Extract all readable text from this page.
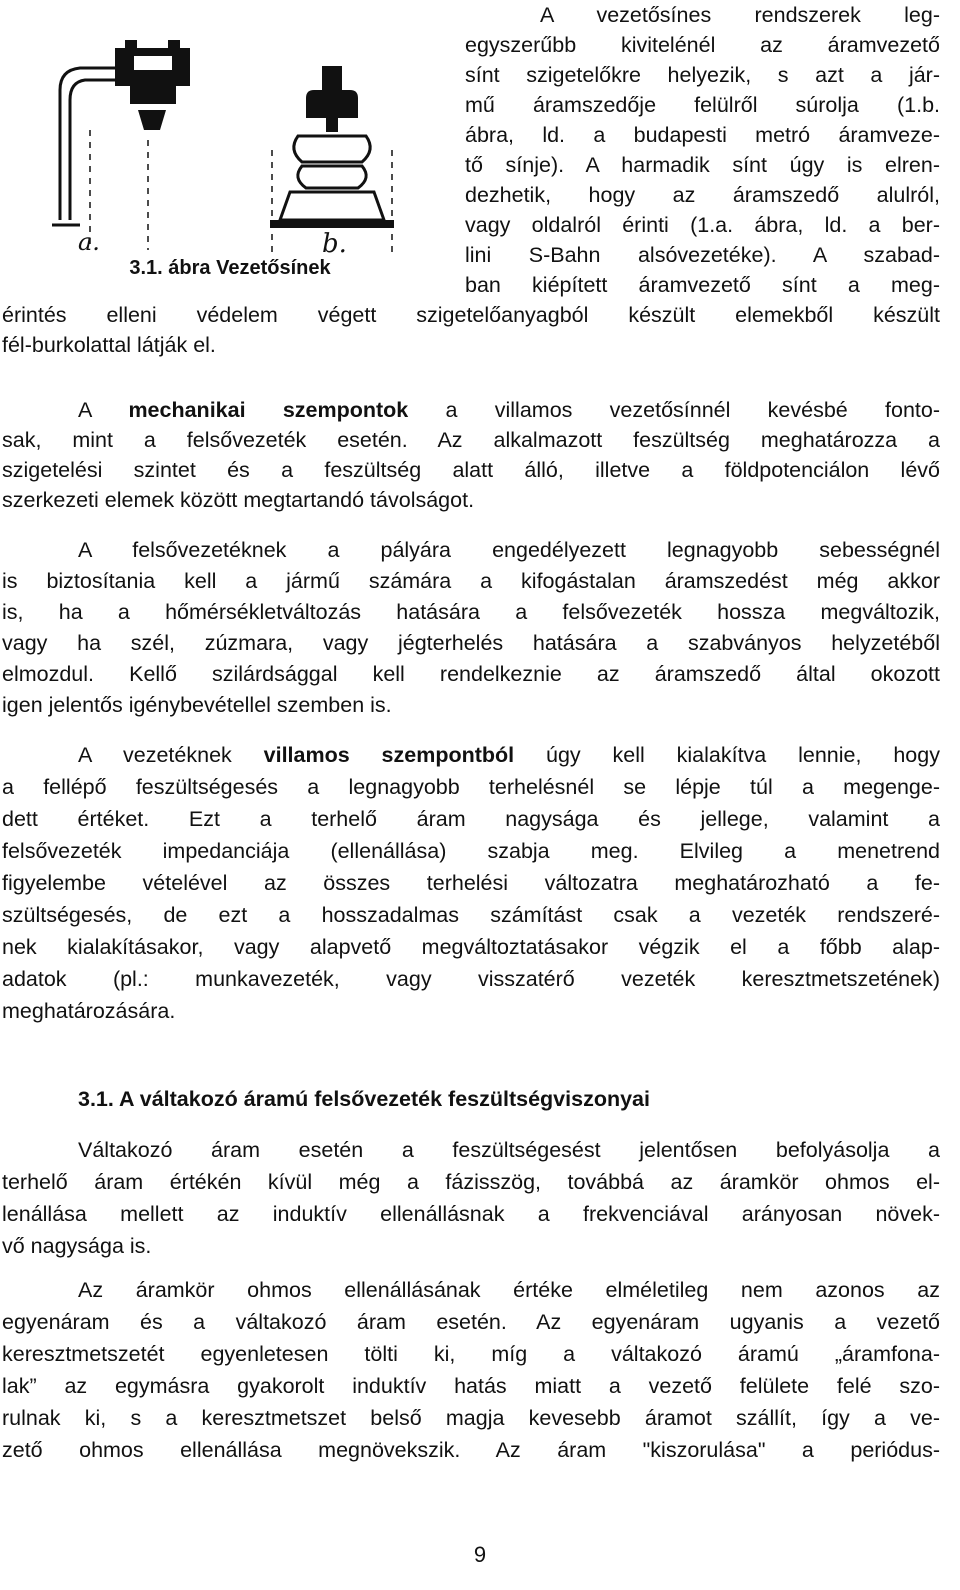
a.	b.
3.1. ábra Vezetősínek
A vezetősínes rendszerek leg-
egyszerűbb kivitelénél az áramvezető
sínt szigetelőkre helyezik, s azt a jár-
mű áramszedője felülről súrolja (1.b.
ábra, ld. a budapesti metró áramveze-
tő sínje). A harmadik sínt úgy is elren-
dezhetik, hogy az áramszedő alulról,
vagy oldalról érinti (1.a. ábra, ld. a ber-
lini S-Bahn alsóvezetéke). A szabad-
ban kiépített áramvezető sínt a meg-
érintés elleni védelem végett szigetelőanyagból készült elemekből készült
fél-burkolattal látják el.
A mechanikai szempontok a villamos vezetősínnél kevésbé fonto-
sak, mint a felsővezeték esetén. Az alkalmazott feszültség meghatározza a
szigetelési szintet és a feszültség alatt álló, illetve a földpotenciálon lévő
szerkezeti elemek között megtartandó távolságot.
A felsővezetéknek a pályára engedélyezett legnagyobb sebességnél
is biztosítania kell a jármű számára a kifogástalan áramszedést még akkor
is, ha a hőmérsékletváltozás hatására a felsővezeték hossza megváltozik,
vagy ha szél, zúzmara, vagy jégterhelés hatására a szabványos helyzetéből
elmozdul. Kellő szilárdsággal kell rendelkeznie az áramszedő által okozott
igen jelentős igénybevétellel szemben is.
A vezetéknek villamos szempontból úgy kell kialakítva lennie, hogy
a fellépő feszültségesés a legnagyobb terhelésnél se lépje túl a megenge-
dett értéket. Ezt a terhelő áram nagysága és jellege, valamint a
felsővezeték impedanciája (ellenállása) szabja meg. Elvileg a menetrend
figyelembe vételével az összes terhelési változatra meghatározható a fe-
szültségesés, de ezt a hosszadalmas számítást csak a vezeték rendszeré-
nek kialakításakor, vagy alapvető megváltoztatásakor végzik el a főbb alap-
adatok (pl.: munkavezeték, vagy visszatérő vezeték keresztmetszetének)
meghatározására.
3.1. A váltakozó áramú felsővezeték feszültségviszonyai
Váltakozó áram esetén a feszültségesést jelentősen befolyásolja a
terhelő áram értékén kívül még a fázisszög, továbbá az áramkör ohmos el-
lenállása mellett az induktív ellenállásnak a frekvenciával arányosan növek-
vő nagysága is.
Az áramkör ohmos ellenállásának értéke elméletileg nem azonos az
egyenáram és a váltakozó áram esetén. Az egyenáram ugyanis a vezető
keresztmetszetét egyenletesen tölti ki, míg a váltakozó áramú „áramfona-
lak” az egymásra gyakorolt induktív hatás miatt a vezető felülete felé szo-
rulnak ki, s a keresztmetszet belső magja kevesebb áramot szállít, így a ve-
zető ohmos ellenállása megnövekszik. Az áram "kiszorulása" a periódus-
9
